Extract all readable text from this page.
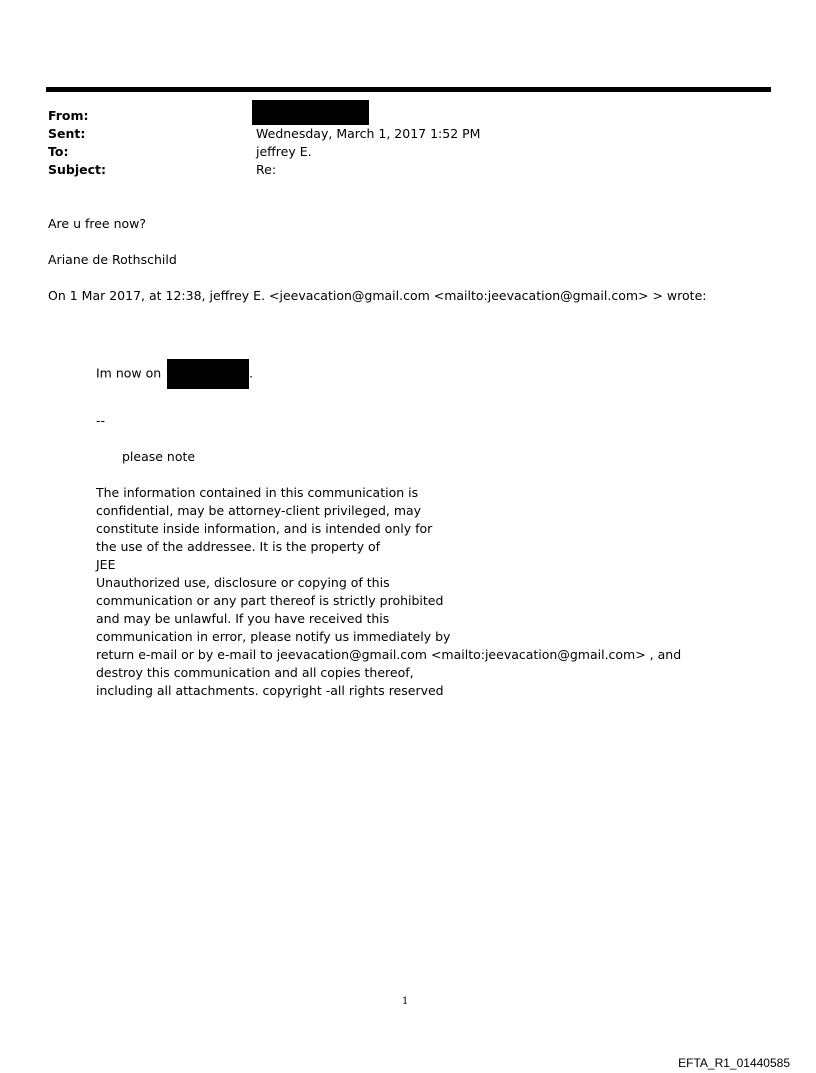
From:
Sent:	Wednesday, March 1, 2017 1:52 PM
To:	jeffrey E.
Subject:	Re:
Are u free now?
Ariane de Rothschild
On 1 Mar 2017, at 12:38, jeffrey E. <jeevacation@gmail.com <mailto:jeevacation@gmail.com> > wrote:
Im now on	.
--
please note
The information contained in this communication is
confidential, may be attorney-client privileged, may
constitute inside information, and is intended only for
the use of the addressee. It is the property of
JEE
Unauthorized use, disclosure or copying of this
communication or any part thereof is strictly prohibited
and may be unlawful. If you have received this
communication in error, please notify us immediately by
return e-mail or by e-mail to jeevacation@gmail.com <mailto:jeevacation@gmail.com> , and
destroy this communication and all copies thereof,
including all attachments. copyright -all rights reserved
1
EFTA_R1_01440585
